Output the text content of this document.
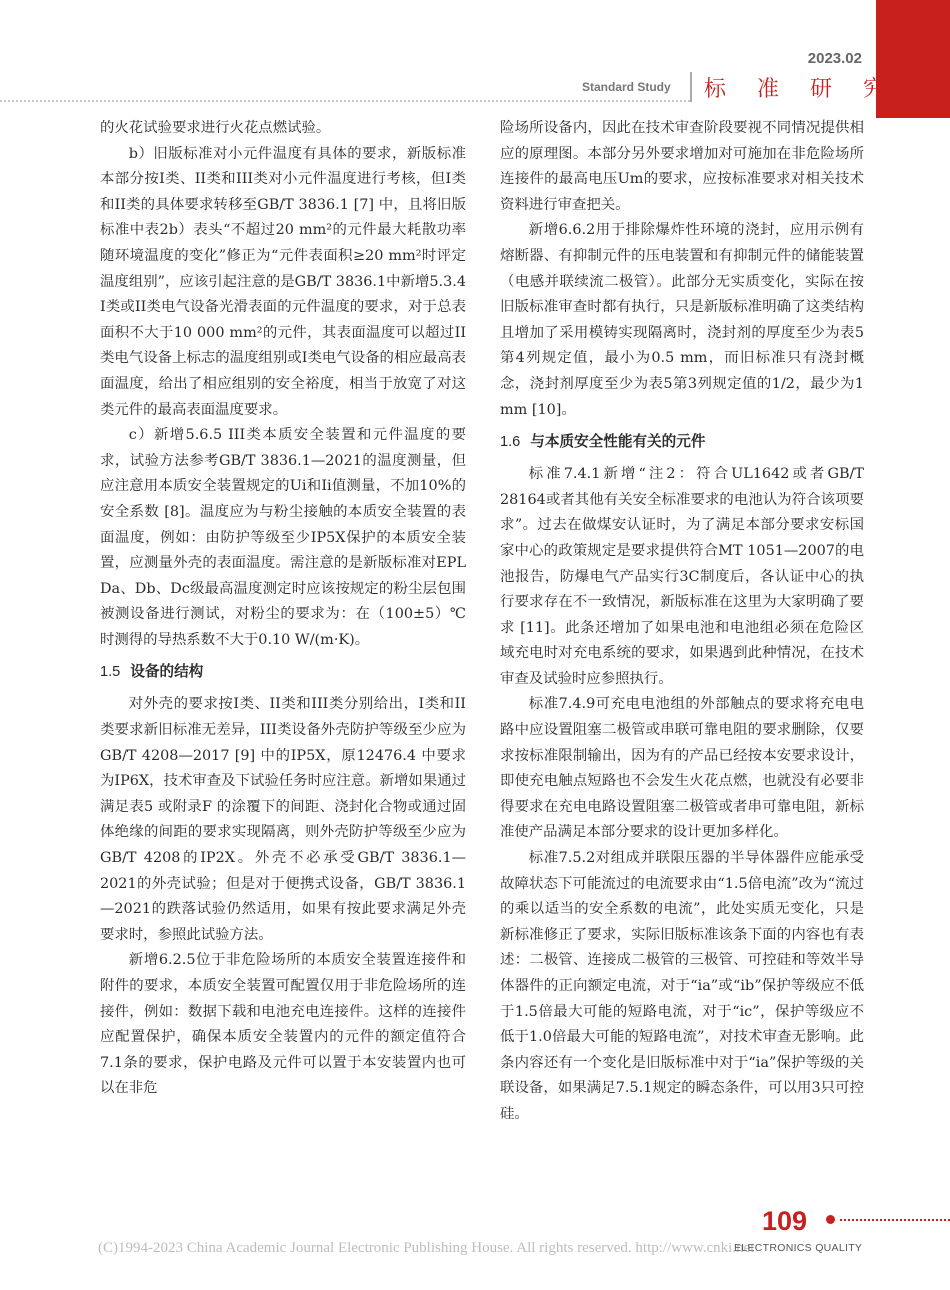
2023.02
Standard Study 标 准 研 究

的火花试验要求进行火花点燃试验。

b）旧版标准对小元件温度有具体的要求，新版标准本部分按I类、II类和III类对小元件温度进行考核，但I类和II类的具体要求转移至GB/T 3836.1 [7] 中，且将旧版标准中表2b）表头“不超过20 mm²的元件最大耗散功率随环境温度的变化”修正为“元件表面积≥20 mm²时评定温度组别”，应该引起注意的是GB/T 3836.1中新增5.3.4 I类或II类电气设备光滑表面的元件温度的要求，对于总表面积不大于10 000 mm²的元件，其表面温度可以超过II类电气设备上标志的温度组别或I类电气设备的相应最高表面温度，给出了相应组别的安全裕度，相当于放宽了对这类元件的最高表面温度要求。

c）新增5.6.5 III类本质安全装置和元件温度的要求，试验方法参考GB/T 3836.1—2021的温度测量，但应注意用本质安全装置规定的Ui和Ii值测量，不加10%的安全系数 [8]。温度应为与粉尘接触的本质安全装置的表面温度，例如：由防护等级至少IP5X保护的本质安全装置，应测量外壳的表面温度。需注意的是新版标准对EPL Da、Db、Dc级最高温度测定时应该按规定的粉尘层包围被测设备进行测试，对粉尘的要求为：在（100±5）℃时测得的导热系数不大于0.10 W/(m·K)。

1.5 设备的结构

对外壳的要求按I类、II类和III类分别给出，I类和II类要求新旧标准无差异，III类设备外壳防护等级至少应为GB/T 4208—2017 [9] 中的IP5X，原12476.4 中要求为IP6X，技术审查及下试验任务时应注意。新增如果通过满足表5 或附录F 的涂覆下的间距、浇封化合物或通过固体绝缘的间距的要求实现隔离，则外壳防护等级至少应为GB/T 4208的IP2X。外壳不必承受GB/T 3836.1—2021的外壳试验；但是对于便携式设备，GB/T 3836.1—2021的跌落试验仍然适用，如果有按此要求满足外壳要求时，参照此试验方法。

新增6.2.5位于非危险场所的本质安全装置连接件和附件的要求，本质安全装置可配置仅用于非危险场所的连接件，例如：数据下载和电池充电连接件。这样的连接件应配置保护，确保本质安全装置内的元件的额定值符合7.1条的要求，保护电路及元件可以置于本安装置内也可以在非危

险场所设备内，因此在技术审查阶段要视不同情况提供相应的原理图。本部分另外要求增加对可施加在非危险场所连接件的最高电压Um的要求，应按标准要求对相关技术资料进行审查把关。

新增6.6.2用于排除爆炸性环境的浇封，应用示例有熔断器、有抑制元件的压电装置和有抑制元件的储能装置（电感并联续流二极管）。此部分无实质变化，实际在按旧版标准审查时都有执行，只是新版标准明确了这类结构且增加了采用模铸实现隔离时，浇封剂的厚度至少为表5第4列规定值，最小为0.5 mm，而旧标准只有浇封概念，浇封剂厚度至少为表5第3列规定值的1/2，最少为1 mm [10]。

1.6 与本质安全性能有关的元件

标准7.4.1新增“注2：符合UL1642或者GB/T 28164或者其他有关安全标准要求的电池认为符合该项要求”。过去在做煤安认证时，为了满足本部分要求安标国家中心的政策规定是要求提供符合MT 1051—2007的电池报告，防爆电气产品实行3C制度后，各认证中心的执行要求存在不一致情况，新版标准在这里为大家明确了要求 [11]。此条还增加了如果电池和电池组必须在危险区域充电时对充电系统的要求，如果遇到此种情况，在技术审查及试验时应参照执行。

标准7.4.9可充电电池组的外部触点的要求将充电电路中应设置阻塞二极管或串联可靠电阻的要求删除，仅要求按标准限制输出，因为有的产品已经按本安要求设计，即使充电触点短路也不会发生火花点燃，也就没有必要非得要求在充电电路设置阻塞二极管或者串可靠电阻，新标准使产品满足本部分要求的设计更加多样化。

标准7.5.2对组成并联限压器的半导体器件应能承受故障状态下可能流过的电流要求由“1.5倍电流”改为“流过的乘以适当的安全系数的电流”，此处实质无变化，只是新标准修正了要求，实际旧版标准该条下面的内容也有表述：二极管、连接成二极管的三极管、可控硅和等效半导体器件的正向额定电流，对于“ia”或“ib”保护等级应不低于1.5倍最大可能的短路电流，对于“ic”，保护等级应不低于1.0倍最大可能的短路电流”，对技术审查无影响。此条内容还有一个变化是旧版标准中对于“ia”保护等级的关联设备，如果满足7.5.1规定的瞬态条件，可以用3只可控硅。

109
(C)1994-2023 China Academic Journal Electronic Publishing House. All rights reserved. http://www.cnki.net
ELECTRONICS QUALITY
